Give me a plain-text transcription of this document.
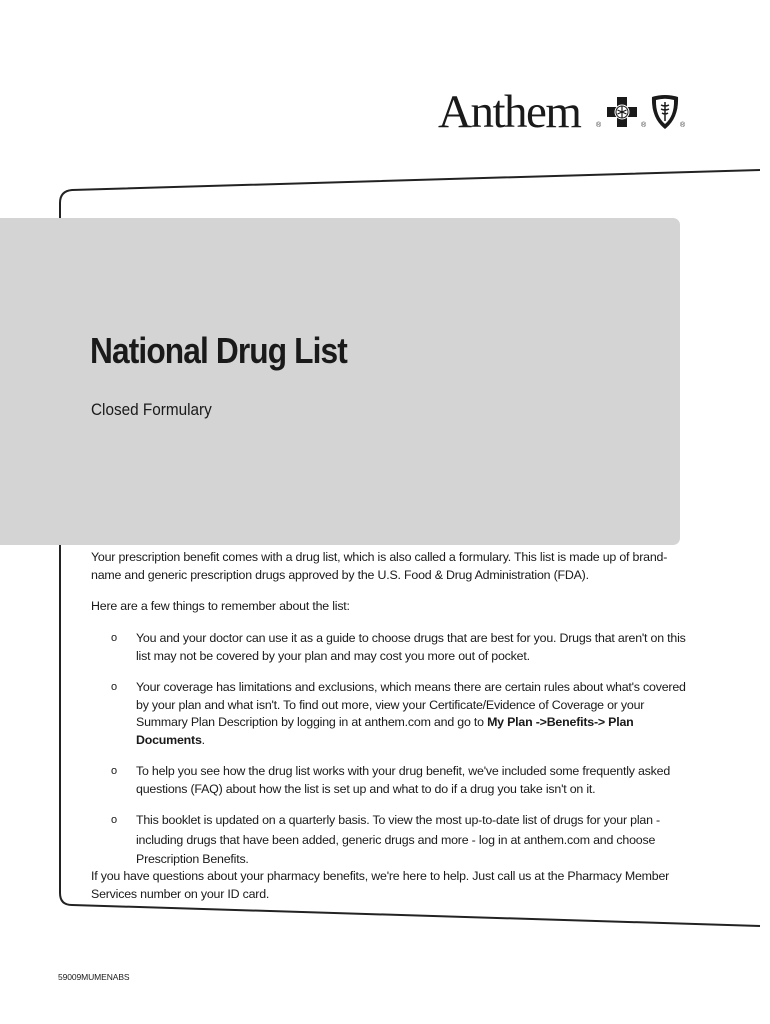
Anthem ®	®	®
National Drug List
Closed Formulary

Your prescription benefit comes with a drug list, which is also called a formulary. This list is made up of brand-name and generic prescription drugs approved by the U.S. Food & Drug Administration (FDA).

Here are a few things to remember about the list:

o You and your doctor can use it as a guide to choose drugs that are best for you. Drugs that aren't on this list may not be covered by your plan and may cost you more out of pocket.
o Your coverage has limitations and exclusions, which means there are certain rules about what's covered by your plan and what isn't. To find out more, view your Certificate/Evidence of Coverage or your Summary Plan Description by logging in at anthem.com and go to My Plan ->Benefits-> Plan Documents.
o To help you see how the drug list works with your drug benefit, we've included some frequently asked questions (FAQ) about how the list is set up and what to do if a drug you take isn't on it.
o This booklet is updated on a quarterly basis. To view the most up-to-date list of drugs for your plan - including drugs that have been added, generic drugs and more - log in at anthem.com and choose Prescription Benefits.

If you have questions about your pharmacy benefits, we're here to help. Just call us at the Pharmacy Member Services number on your ID card.

59009MUMENABS
